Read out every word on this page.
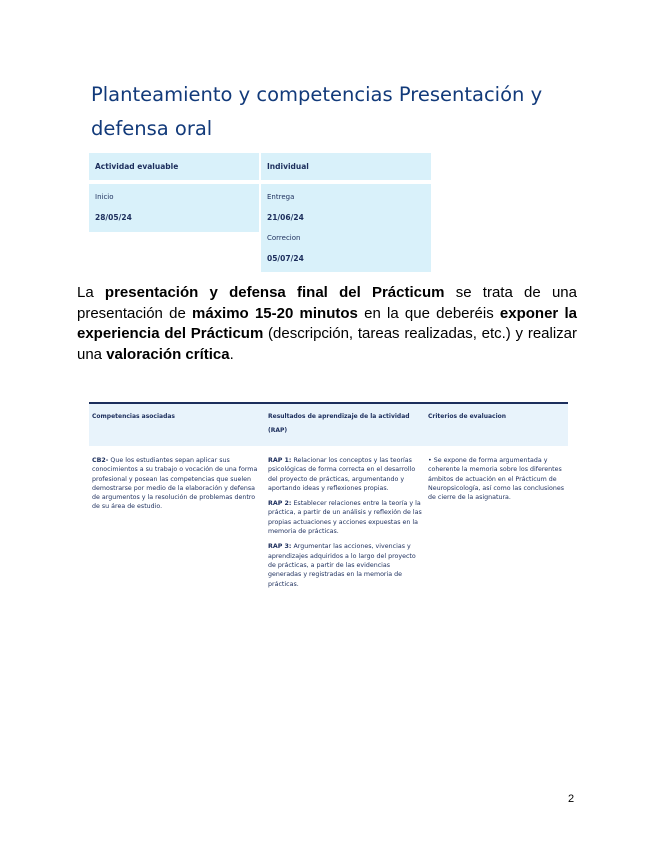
Planteamiento y competencias Presentación y defensa oral
Actividad evaluable	Individual
Inicio
28/05/24
Entrega
21/06/24
Correcion
05/07/24

La presentación y defensa final del Prácticum se trata de una presentación de máximo 15-20 minutos en la que deberéis exponer la experiencia del Prácticum (descripción, tareas realizadas, etc.) y realizar una valoración crítica.

Competencias asociadas	Resultados de aprendizaje de la actividad (RAP)
Criterios de evaluacion

CB2- Que los estudiantes sepan aplicar sus conocimientos a su trabajo o vocación de una forma profesional y posean las competencias que suelen demostrarse por medio de la elaboración y defensa de argumentos y la resolución de problemas dentro de su área de estudio.

RAP 1: Relacionar los conceptos y las teorías psicológicas de forma correcta en el desarrollo del proyecto de prácticas, argumentando y aportando ideas y reflexiones propias.

RAP 2: Establecer relaciones entre la teoría y la práctica, a partir de un análisis y reflexión de las propias actuaciones y acciones expuestas en la memoria de prácticas.

RAP 3: Argumentar las acciones, vivencias y aprendizajes adquiridos a lo largo del proyecto de prácticas, a partir de las evidencias generadas y registradas en la memoria de prácticas.

• Se expone de forma argumentada y coherente la memoria sobre los diferentes ámbitos de actuación en el Prácticum de Neuropsicología, así como las conclusiones de cierre de la asignatura.

2
